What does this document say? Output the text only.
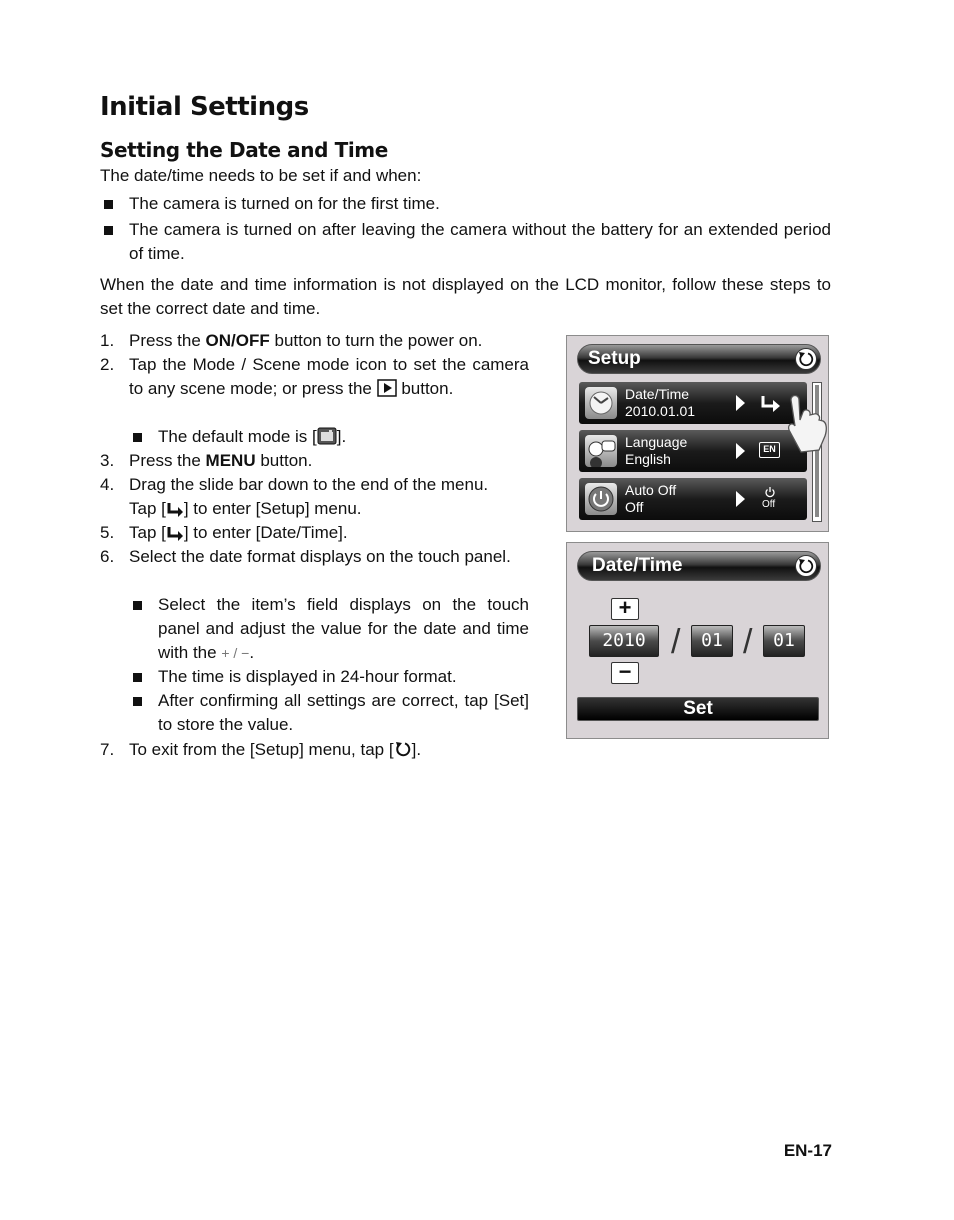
Initial Settings
Setting the Date and Time
The date/time needs to be set if and when:
The camera is turned on for the first time.
The camera is turned on after leaving the camera without the battery for an extended period of time.
When the date and time information is not displayed on the LCD monitor, follow these steps to set the correct date and time.
1. Press the ON/OFF button to turn the power on.
2. Tap the Mode / Scene mode icon to set the camera to any scene mode; or press the button.
The default mode is [ ].
3. Press the MENU button.
4. Drag the slide bar down to the end of the menu.
Tap [ ] to enter [Setup] menu.
5. Tap [ ] to enter [Date/Time].
6. Select the date format displays on the touch panel.
Select the item’s field displays on the touch panel and adjust the value for the date and time with the + / −.
The time is displayed in 24-hour format.
After confirming all settings are correct, tap [Set] to store the value.
7. To exit from the [Setup] menu, tap [ ].
Setup
Date/Time
2010.01.01
Language
English
EN
Auto Off
Off	Off
Date/Time
+
2010 /	01 /	01
−
Set
EN-17
